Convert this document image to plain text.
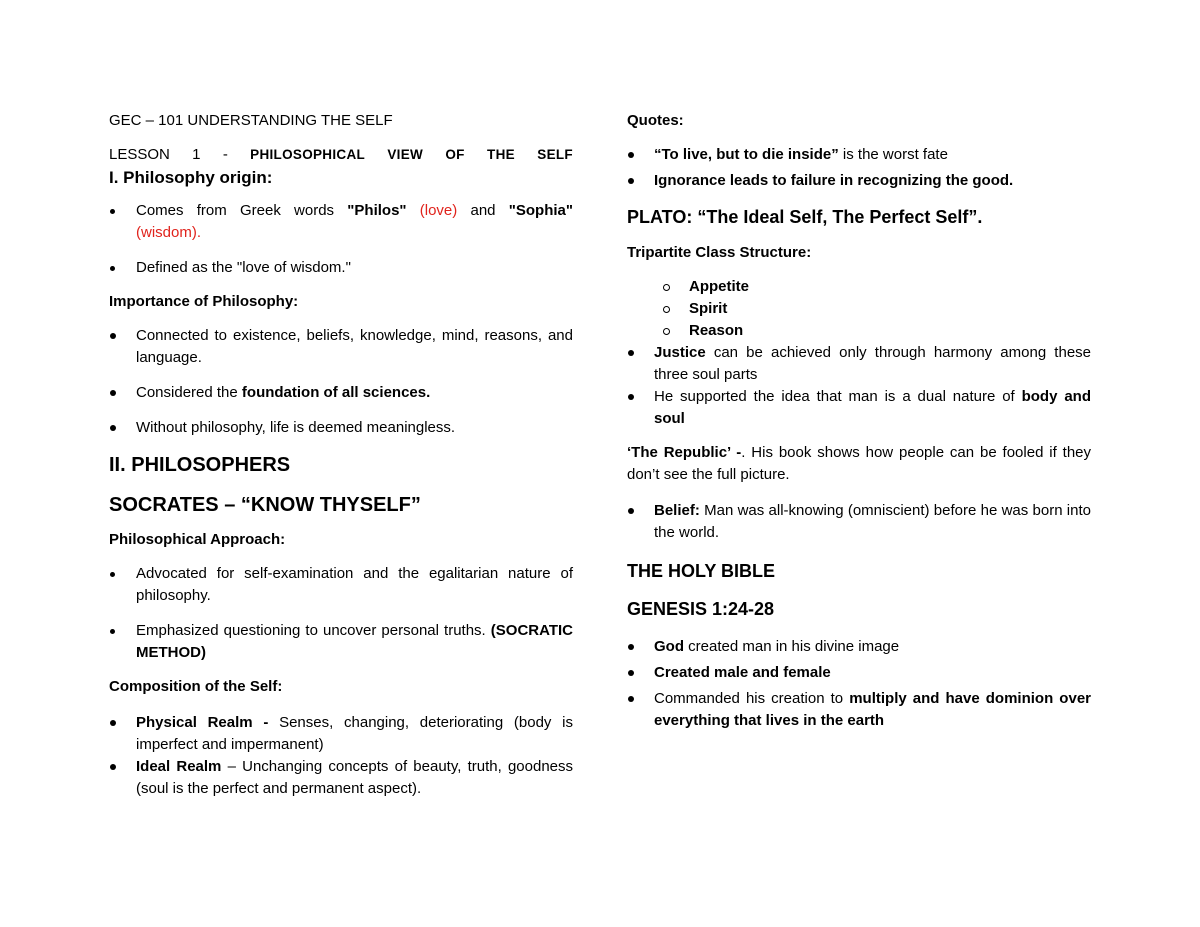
GEC – 101 UNDERSTANDING THE SELF

LESSON 1 - PHILOSOPHICAL VIEW OF THE SELF
I. Philosophy origin:
Comes from Greek words "Philos" (love) and "Sophia" (wisdom).
Defined as the "love of wisdom."
Importance of Philosophy:
Connected to existence, beliefs, knowledge, mind, reasons, and language.
Considered the foundation of all sciences.
Without philosophy, life is deemed meaningless.
II. PHILOSOPHERS
SOCRATES – “KNOW THYSELF”
Philosophical Approach:
Advocated for self-examination and the egalitarian nature of philosophy.
Emphasized questioning to uncover personal truths. (SOCRATIC METHOD)
Composition of the Self:
Physical Realm - Senses, changing, deteriorating (body is imperfect and impermanent)
Ideal Realm – Unchanging concepts of beauty, truth, goodness (soul is the perfect and permanent aspect).
Quotes:
“To live, but to die inside” is the worst fate
Ignorance leads to failure in recognizing the good.
PLATO: “The Ideal Self, The Perfect Self”.
Tripartite Class Structure:
Appetite
Spirit
Reason
Justice can be achieved only through harmony among these three soul parts
He supported the idea that man is a dual nature of body and soul

‘The Republic’ -. His book shows how people can be fooled if they don’t see the full picture.

Belief: Man was all-knowing (omniscient) before he was born into the world.
THE HOLY BIBLE
GENESIS 1:24-28
God created man in his divine image
Created male and female
Commanded his creation to multiply and have dominion over everything that lives in the earth
